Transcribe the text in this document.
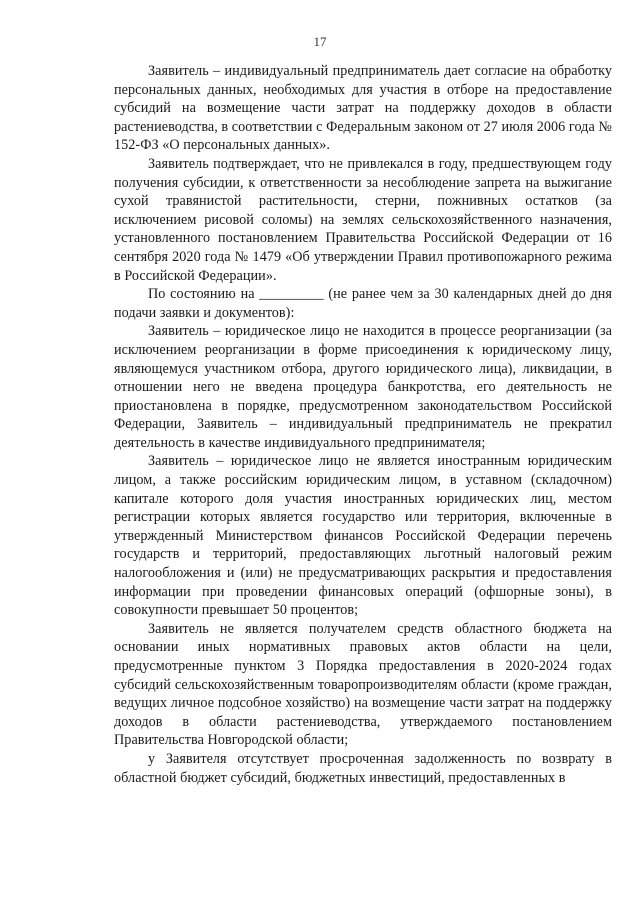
17

Заявитель – индивидуальный предприниматель дает согласие на обработку персональных данных, необходимых для участия в отборе на предоставление субсидий на возмещение части затрат на поддержку доходов в области растениеводства, в соответствии с Федеральным законом от 27 июля 2006 года № 152-ФЗ «О персональных данных».

Заявитель подтверждает, что не привлекался в году, предшествующем году получения субсидии, к ответственности за несоблюдение запрета на выжигание сухой травянистой растительности, стерни, пожнивных остатков (за исключением рисовой соломы) на землях сельскохозяйственного назначения, установленного постановлением Правительства Российской Федерации от 16 сентября 2020 года № 1479 «Об утверждении Правил противопожарного режима в Российской Федерации».

По состоянию на _________ (не ранее чем за 30 календарных дней до дня подачи заявки и документов):

Заявитель – юридическое лицо не находится в процессе реорганизации (за исключением реорганизации в форме присоединения к юридическому лицу, являющемуся участником отбора, другого юридического лица), ликвидации, в отношении него не введена процедура банкротства, его деятельность не приостановлена в порядке, предусмотренном законодательством Российской Федерации, Заявитель – индивидуальный предприниматель не прекратил деятельность в качестве индивидуального предпринимателя;

Заявитель – юридическое лицо не является иностранным юридическим лицом, а также российским юридическим лицом, в уставном (складочном) капитале которого доля участия иностранных юридических лиц, местом регистрации которых является государство или территория, включенные в утвержденный Министерством финансов Российской Федерации перечень государств и территорий, предоставляющих льготный налоговый режим налогообложения и (или) не предусматривающих раскрытия и предоставления информации при проведении финансовых операций (офшорные зоны), в совокупности превышает 50 процентов;

Заявитель не является получателем средств областного бюджета на основании иных нормативных правовых актов области на цели, предусмотренные пунктом 3 Порядка предоставления в 2020-2024 годах субсидий сельскохозяйственным товаропроизводителям области (кроме граждан, ведущих личное подсобное хозяйство) на возмещение части затрат на поддержку доходов в области растениеводства, утверждаемого постановлением Правительства Новгородской области;

у Заявителя отсутствует просроченная задолженность по возврату в областной бюджет субсидий, бюджетных инвестиций, предоставленных в
